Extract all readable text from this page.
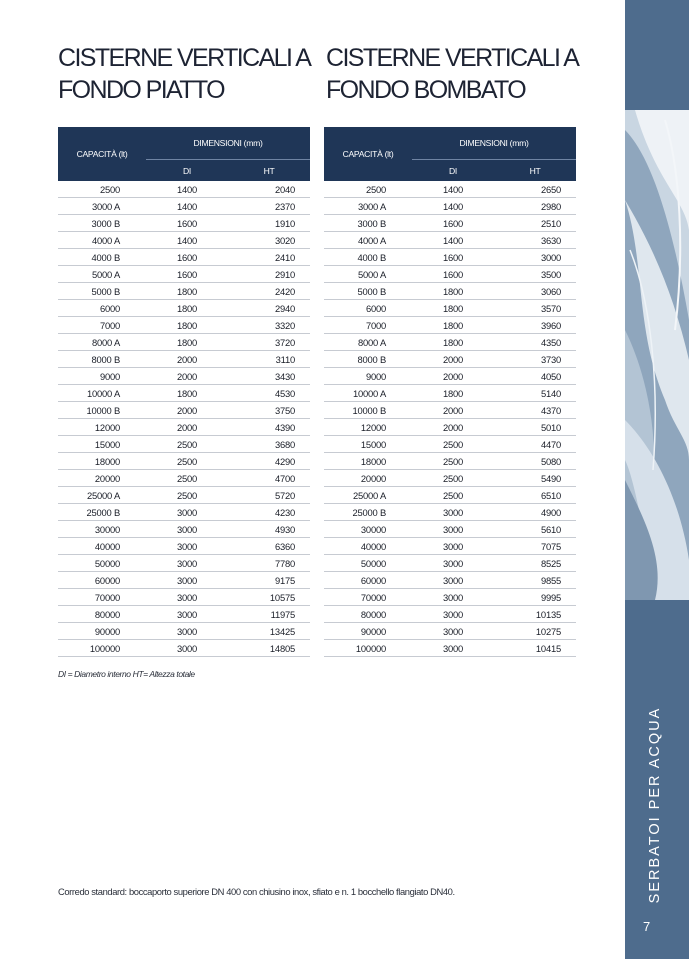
CISTERNE VERTICALI A
FONDO PIATTO
CISTERNE VERTICALI A
FONDO BOMBATO
CAPACITÀ (lt)	DIMENSIONI (mm)	
	DI	HT
2500	1400	2040
3000 A	1400	2370
3000 B	1600	1910
4000 A	1400	3020
4000 B	1600	2410
5000 A	1600	2910
5000 B	1800	2420
6000	1800	2940
7000	1800	3320
8000 A	1800	3720
8000 B	2000	3110
9000	2000	3430
10000 A	1800	4530
10000 B	2000	3750
12000	2000	4390
15000	2500	3680
18000	2500	4290
20000	2500	4700
25000 A	2500	5720
25000 B	3000	4230
30000	3000	4930
40000	3000	6360
50000	3000	7780
60000	3000	9175
70000	3000	10575
80000	3000	11975
90000	3000	13425
100000	3000	14805
CAPACITÀ (lt)	DIMENSIONI (mm)	
	DI	HT
2500	1400	2650
3000 A	1400	2980
3000 B	1600	2510
4000 A	1400	3630
4000 B	1600	3000
5000 A	1600	3500
5000 B	1800	3060
6000	1800	3570
7000	1800	3960
8000 A	1800	4350
8000 B	2000	3730
9000	2000	4050
10000 A	1800	5140
10000 B	2000	4370
12000	2000	5010
15000	2500	4470
18000	2500	5080
20000	2500	5490
25000 A	2500	6510
25000 B	3000	4900
30000	3000	5610
40000	3000	7075
50000	3000	8525
60000	3000	9855
70000	3000	9995
80000	3000	10135
90000	3000	10275
100000	3000	10415
DI = Diametro interno HT= Altezza totale
Corredo standard: boccaporto superiore DN 400 con chiusino inox, sfiato e n. 1 bocchello flangiato DN40.	SERBATOI PER ACQUA
7
